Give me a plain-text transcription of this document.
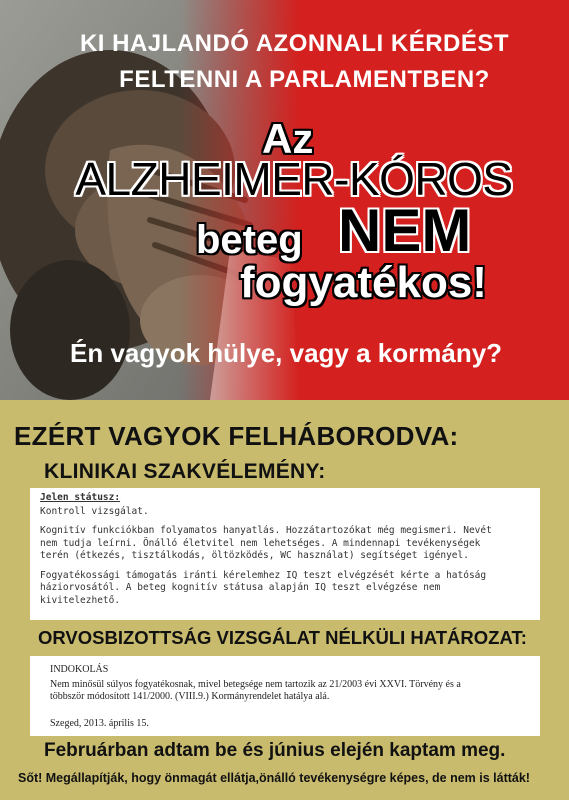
KI HAJLANDÓ AZONNALI KÉRDÉST
FELTENNI A PARLAMENTBEN?
Az
ALZHEIMER-KÓROS
beteg NEM
fogyatékos!
Én vagyok hülye, vagy a kormány?
EZÉRT VAGYOK FELHÁBORODVA:
KLINIKAI SZAKVÉLEMÉNY:
Jelen státusz:

Kontroll vizsgálat.

Kognitív funkciókban folyamatos hanyatlás. Hozzátartozókat még megismeri. Nevét
nem tudja leírni. Önálló életvitel nem lehetséges. A mindennapi tevékenységek
terén (étkezés, tisztálkodás, öltözködés, WC használat) segítséget igényel.

Fogyatékossági támogatás iránti kérelemhez IQ teszt elvégzését kérte a hatóság
háziorvosától. A beteg kognitív státusa alapján IQ teszt elvégzése nem
kivitelezhető.

ORVOSBIZOTTSÁG VIZSGÁLAT NÉLKÜLI HATÁROZAT:
INDOKOLÁS
Nem minősül súlyos fogyatékosnak, mivel betegsége nem tartozik az 21/2003 évi XXVI. Törvény és a
többször módosított 141/2000. (VIII.9.) Kormányrendelet hatálya alá.
Szeged, 2013. április 15.
Februárban adtam be és június elején kaptam meg.
Sőt! Megállapítják, hogy önmagát ellátja,önálló tevékenységre képes, de nem is látták!
